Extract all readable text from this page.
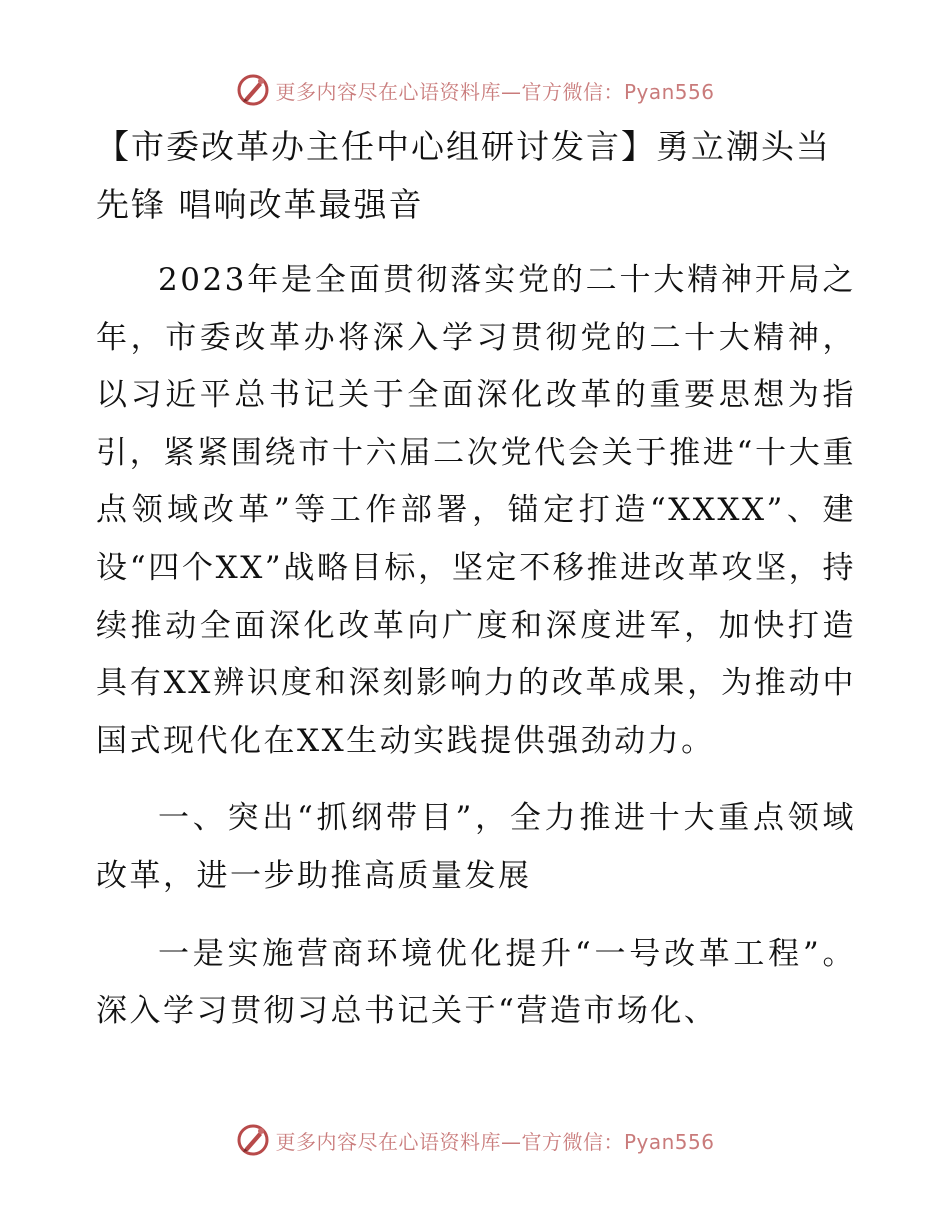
更多内容尽在心语资料库—官方微信：Pyan556
【市委改革办主任中心组研讨发言】勇立潮头当先锋 唱响改革最强音

2023年是全面贯彻落实党的二十大精神开局之年，市委改革办将深入学习贯彻党的二十大精神，以习近平总书记关于全面深化改革的重要思想为指引，紧紧围绕市十六届二次党代会关于推进“十大重点领域改革”等工作部署，锚定打造“XXXX”、建设“四个XX”战略目标，坚定不移推进改革攻坚，持续推动全面深化改革向广度和深度进军，加快打造具有XX辨识度和深刻影响力的改革成果，为推动中国式现代化在XX生动实践提供强劲动力。

一、突出“抓纲带目”，全力推进十大重点领域改革，进一步助推高质量发展

一是实施营商环境优化提升“一号改革工程”。深入学习贯彻习总书记关于“营造市场化、

更多内容尽在心语资料库—官方微信：Pyan556
